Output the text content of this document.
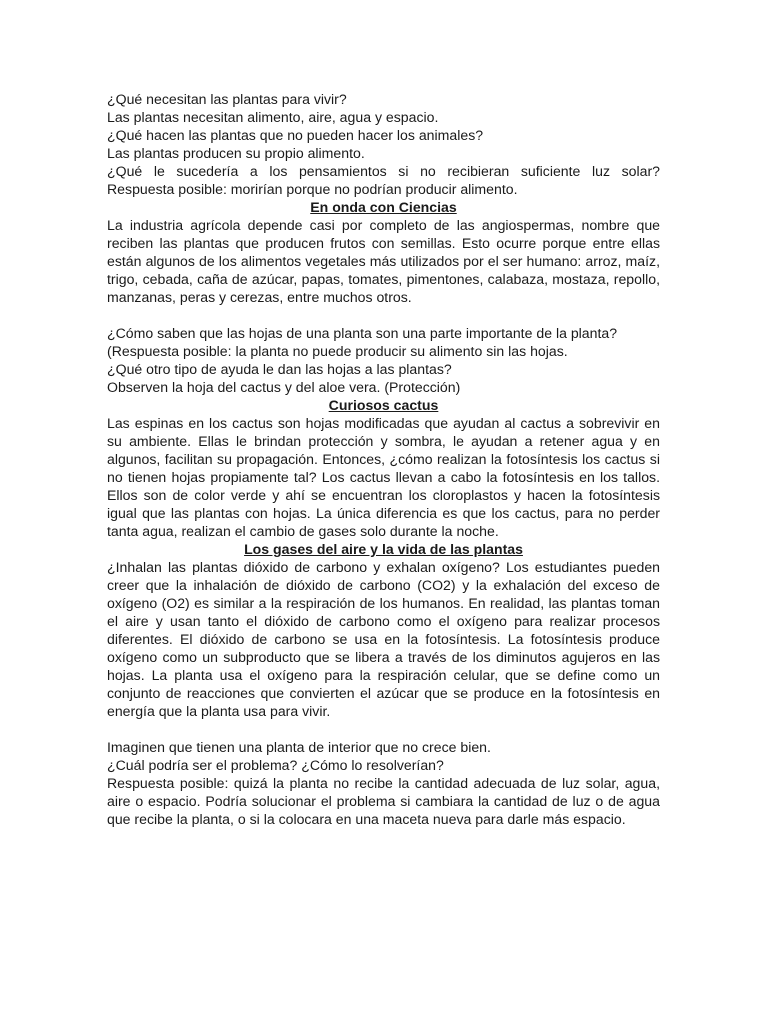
¿Qué necesitan las plantas para vivir?
Las plantas necesitan alimento, aire, agua y espacio.
¿Qué hacen las plantas que no pueden hacer los animales?
Las plantas producen su propio alimento.
¿Qué le sucedería a los pensamientos si no recibieran suficiente luz solar?
Respuesta posible: morirían porque no podrían producir alimento.
En onda con Ciencias
La industria agrícola depende casi por completo de las angiospermas, nombre que reciben las plantas que producen frutos con semillas. Esto ocurre porque entre ellas están algunos de los alimentos vegetales más utilizados por el ser humano: arroz, maíz, trigo, cebada, caña de azúcar, papas, tomates, pimentones, calabaza, mostaza, repollo, manzanas, peras y cerezas, entre muchos otros.
¿Cómo saben que las hojas de una planta son una parte importante de la planta?
(Respuesta posible: la planta no puede producir su alimento sin las hojas.
¿Qué otro tipo de ayuda le dan las hojas a las plantas?
Observen la hoja del cactus y del aloe vera. (Protección)
Curiosos cactus
Las espinas en los cactus son hojas modificadas que ayudan al cactus a sobrevivir en su ambiente. Ellas le brindan protección y sombra, le ayudan a retener agua y en algunos, facilitan su propagación. Entonces, ¿cómo realizan la fotosíntesis los cactus si no tienen hojas propiamente tal? Los cactus llevan a cabo la fotosíntesis en los tallos. Ellos son de color verde y ahí se encuentran los cloroplastos y hacen la fotosíntesis igual que las plantas con hojas. La única diferencia es que los cactus, para no perder tanta agua, realizan el cambio de gases solo durante la noche.
Los gases del aire y la vida de las plantas
¿Inhalan las plantas dióxido de carbono y exhalan oxígeno? Los estudiantes pueden creer que la inhalación de dióxido de carbono (CO2) y la exhalación del exceso de oxígeno (O2) es similar a la respiración de los humanos. En realidad, las plantas toman el aire y usan tanto el dióxido de carbono como el oxígeno para realizar procesos diferentes. El dióxido de carbono se usa en la fotosíntesis. La fotosíntesis produce oxígeno como un subproducto que se libera a través de los diminutos agujeros en las hojas. La planta usa el oxígeno para la respiración celular, que se define como un conjunto de reacciones que convierten el azúcar que se produce en la fotosíntesis en energía que la planta usa para vivir.
Imaginen que tienen una planta de interior que no crece bien.
¿Cuál podría ser el problema? ¿Cómo lo resolverían?
Respuesta posible: quizá la planta no recibe la cantidad adecuada de luz solar, agua, aire o espacio. Podría solucionar el problema si cambiara la cantidad de luz o de agua que recibe la planta, o si la colocara en una maceta nueva para darle más espacio.
